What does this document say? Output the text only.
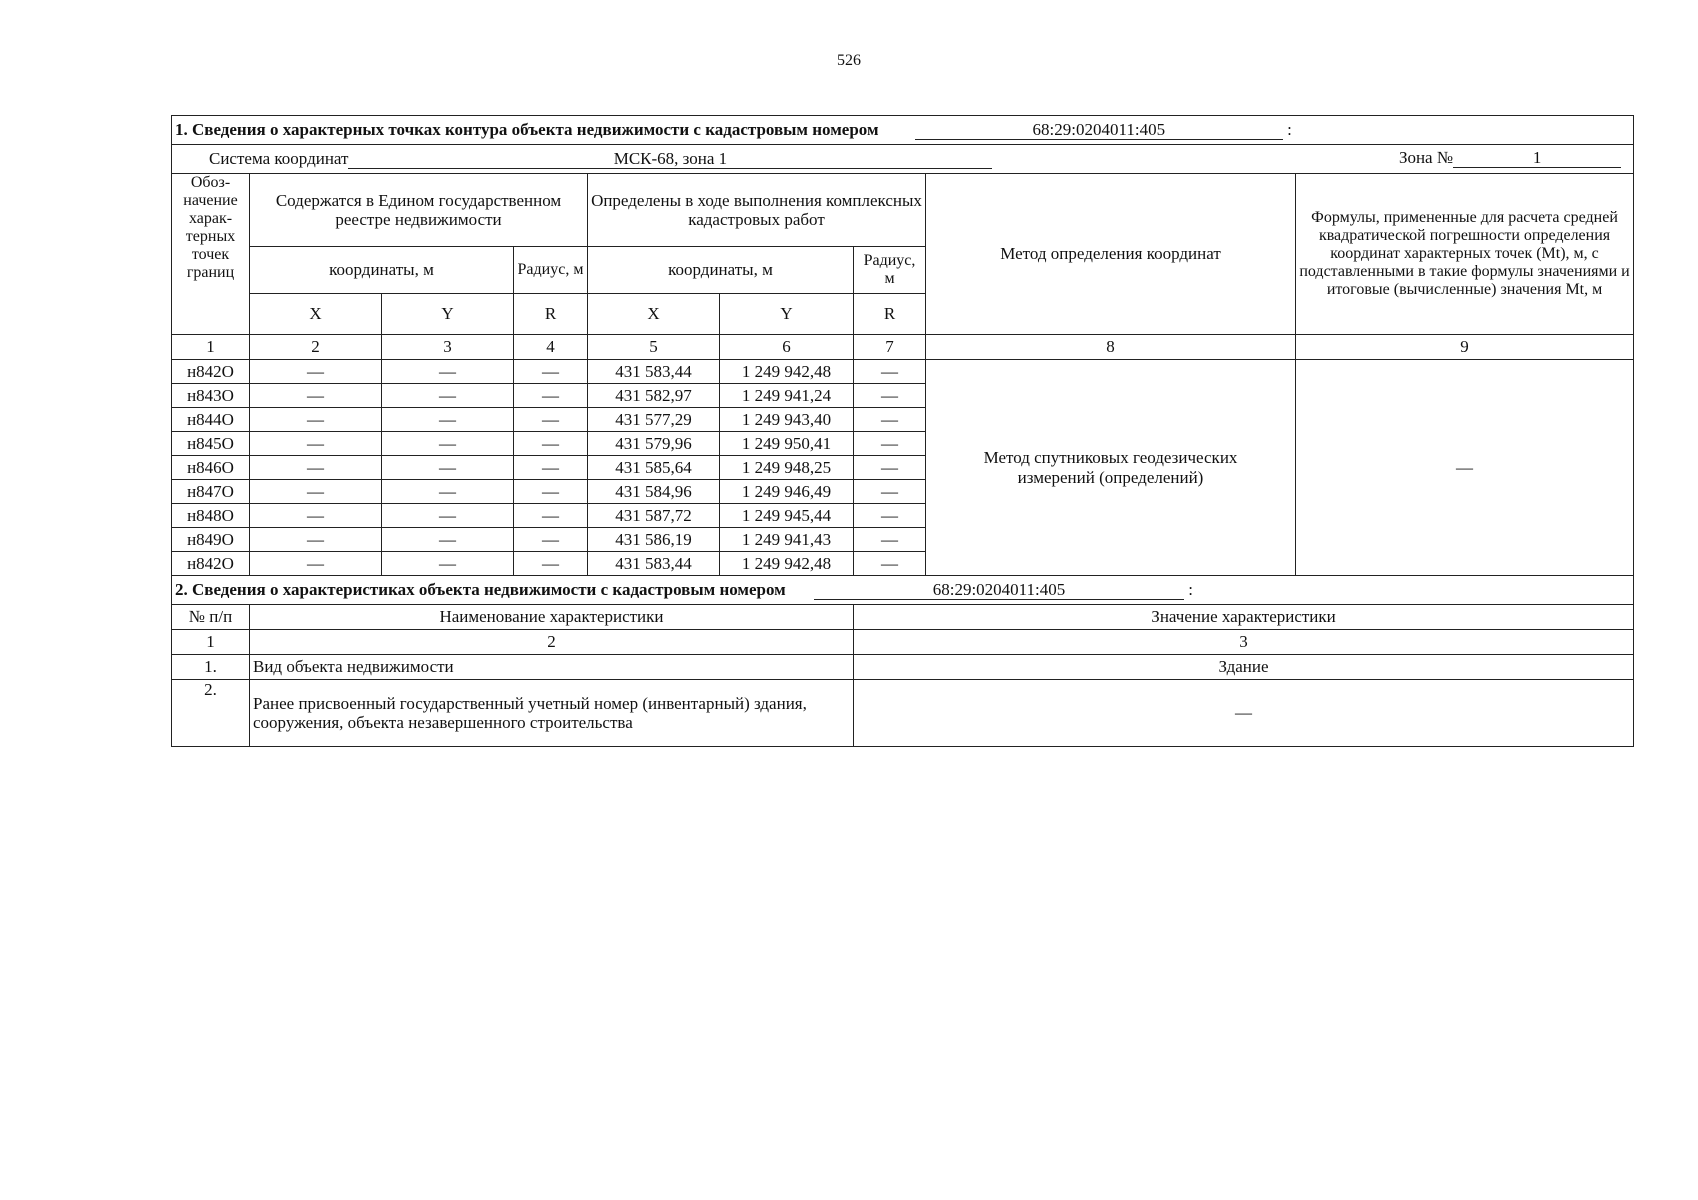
526
1. Сведения о характерных точках контура объекта недвижимости с кадастровым номером 68:29:0204011:405 :								
Система координат МСК-68, зона 1 Зона № 1								

Обоз-начение харак-терных точек границ	Содержатся в Едином государственном реестре недвижимости			Определены в ходе выполнения комплексных кадастровых работ			Метод определения координат	Формулы, примененные для расчета средней квадратической погрешности определения координат характерных точек (Mt), м, с подставленными в такие формулы значениями и итоговые (вычисленные) значения Mt, м
	координаты, м		Радиус, м	координаты, м		Радиус, м		
	X	Y	R	X	Y	R		
1	2	3	4	5	6	7	8	9
н842О	—	—	—	431 583,44	1 249 942,48	—	Метод спутниковых геодезических измерений (определений)	—
н843О	—	—	—	431 582,97	1 249 941,24	—		
н844О	—	—	—	431 577,29	1 249 943,40	—		
н845О	—	—	—	431 579,96	1 249 950,41	—		
н846О	—	—	—	431 585,64	1 249 948,25	—		
н847О	—	—	—	431 584,96	1 249 946,49	—		
н848О	—	—	—	431 587,72	1 249 945,44	—		
н849О	—	—	—	431 586,19	1 249 941,43	—		
н842О	—	—	—	431 583,44	1 249 942,48	—		
2. Сведения о характеристиках объекта недвижимости с кадастровым номером 68:29:0204011:405 :								
№ п/п	Наименование характеристики					Значение характеристики		
1	2					3		
1.	Вид объекта недвижимости					Здание		
2.	Ранее присвоенный государственный учетный номер (инвентарный) здания, сооружения, объекта незавершенного строительства					—		
